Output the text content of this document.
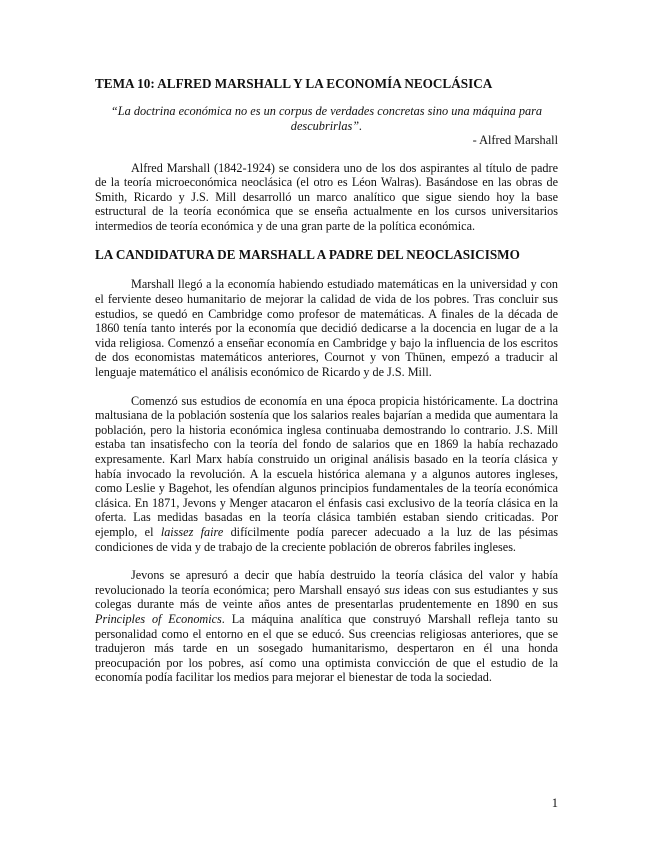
TEMA 10: ALFRED MARSHALL Y LA ECONOMÍA NEOCLÁSICA

“La doctrina económica no es un corpus de verdades concretas sino una máquina para descubrirlas”.

- Alfred Marshall

Alfred Marshall (1842-1924) se considera uno de los dos aspirantes al título de padre de la teoría microeconómica neoclásica (el otro es Léon Walras). Basándose en las obras de Smith, Ricardo y J.S. Mill desarrolló un marco analítico que sigue siendo hoy la base estructural de la teoría económica que se enseña actualmente en los cursos universitarios intermedios de teoría económica y de una gran parte de la política económica.

LA CANDIDATURA DE MARSHALL A PADRE DEL NEOCLASICISMO

Marshall llegó a la economía habiendo estudiado matemáticas en la universidad y con el ferviente deseo humanitario de mejorar la calidad de vida de los pobres. Tras concluir sus estudios, se quedó en Cambridge como profesor de matemáticas. A finales de la década de 1860 tenía tanto interés por la economía que decidió dedicarse a la docencia en lugar de a la vida religiosa. Comenzó a enseñar economía en Cambridge y bajo la influencia de los escritos de dos economistas matemáticos anteriores, Cournot y von Thünen, empezó a traducir al lenguaje matemático el análisis económico de Ricardo y de J.S. Mill.

Comenzó sus estudios de economía en una época propicia históricamente. La doctrina maltusiana de la población sostenía que los salarios reales bajarían a medida que aumentara la población, pero la historia económica inglesa continuaba demostrando lo contrario. J.S. Mill estaba tan insatisfecho con la teoría del fondo de salarios que en 1869 la había rechazado expresamente. Karl Marx había construido un original análisis basado en la teoría clásica y había invocado la revolución. A la escuela histórica alemana y a algunos autores ingleses, como Leslie y Bagehot, les ofendían algunos principios fundamentales de la teoría económica clásica. En 1871, Jevons y Menger atacaron el énfasis casi exclusivo de la teoría clásica en la oferta. Las medidas basadas en la teoría clásica también estaban siendo criticadas. Por ejemplo, el laissez faire difícilmente podía parecer adecuado a la luz de las pésimas condiciones de vida y de trabajo de la creciente población de obreros fabriles ingleses.

Jevons se apresuró a decir que había destruido la teoría clásica del valor y había revolucionado la teoría económica; pero Marshall ensayó sus ideas con sus estudiantes y sus colegas durante más de veinte años antes de presentarlas prudentemente en 1890 en sus Principles of Economics. La máquina analítica que construyó Marshall refleja tanto su personalidad como el entorno en el que se educó. Sus creencias religiosas anteriores, que se tradujeron más tarde en un sosegado humanitarismo, despertaron en él una honda preocupación por los pobres, así como una optimista convicción de que el estudio de la economía podía facilitar los medios para mejorar el bienestar de toda la sociedad.

1
